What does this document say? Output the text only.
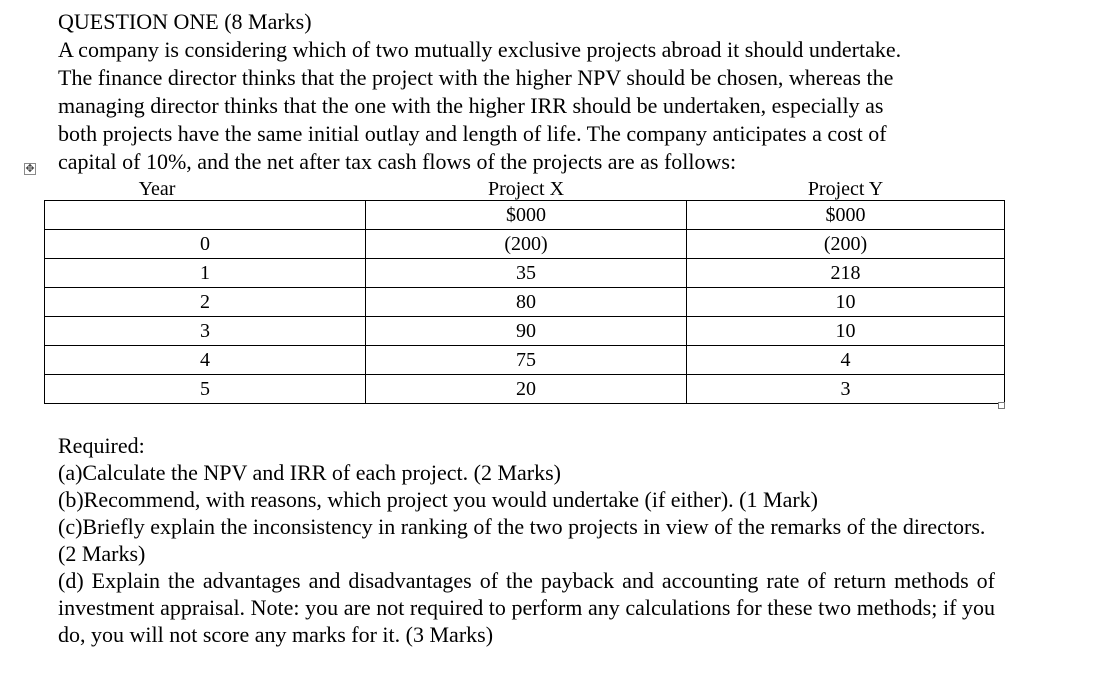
QUESTION ONE (8 Marks)

A company is considering which of two mutually exclusive projects abroad it should undertake.

The finance director thinks that the project with the higher NPV should be chosen, whereas the

managing director thinks that the one with the higher IRR should be undertaken, especially as

both projects have the same initial outlay and length of life. The company anticipates a cost of

capital of 10%, and the net after tax cash flows of the projects are as follows:

✥
Year	Project X	Project Y
	$000	$000
0	(200)	(200)
1	35	218
2	80	10
3	90	10
4	75	4
5	20	3

Required:

(a)Calculate the NPV and IRR of each project. (2 Marks)

(b)Recommend, with reasons, which project you would undertake (if either). (1 Mark)

(c)Briefly explain the inconsistency in ranking of the two projects in view of the remarks of the directors. (2 Marks)

(d) Explain the advantages and disadvantages of the payback and accounting rate of return methods of investment appraisal. Note: you are not required to perform any calculations for these two methods; if you do, you will not score any marks for it. (3 Marks)
